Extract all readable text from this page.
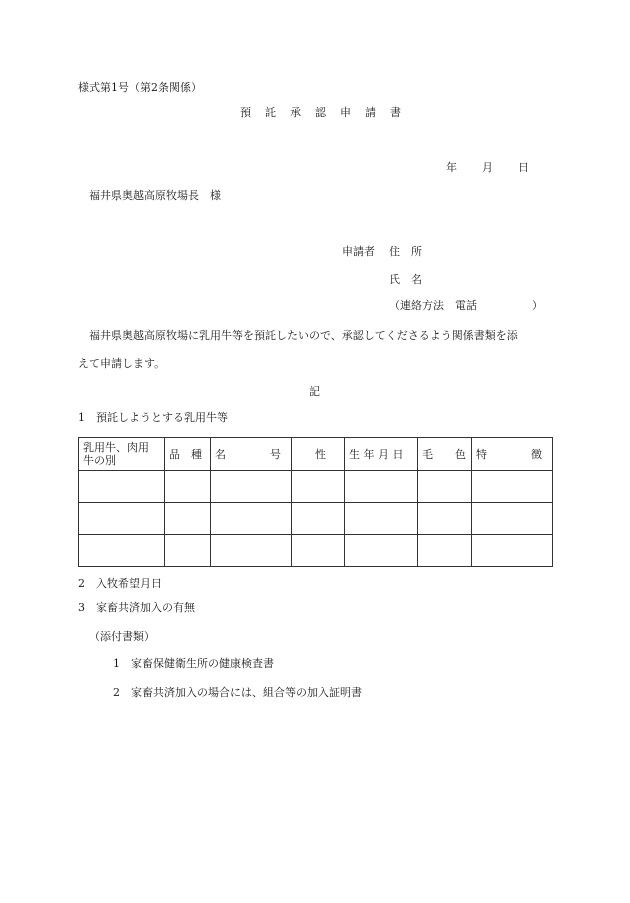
様式第1号（第2条関係）
預 託 承 認 申 請 書
年 月 日
福井県奥越高原牧場長　様
申請者 住　所
氏　名
（連絡方法　電話　　　　　）
福井県奥越高原牧場に乳用牛等を預託したいので、承認してくださるよう関係書類を添
えて申請します。
記
1　預託しようとする乳用牛等
乳用牛、肉用
牛の別	品　種	名　　　　号	性	生 年 月 日	毛　　色	特　　　　徴

2　入牧希望月日
3　家畜共済加入の有無
（添付書類）
1　家畜保健衛生所の健康検査書
2　家畜共済加入の場合には、組合等の加入証明書
